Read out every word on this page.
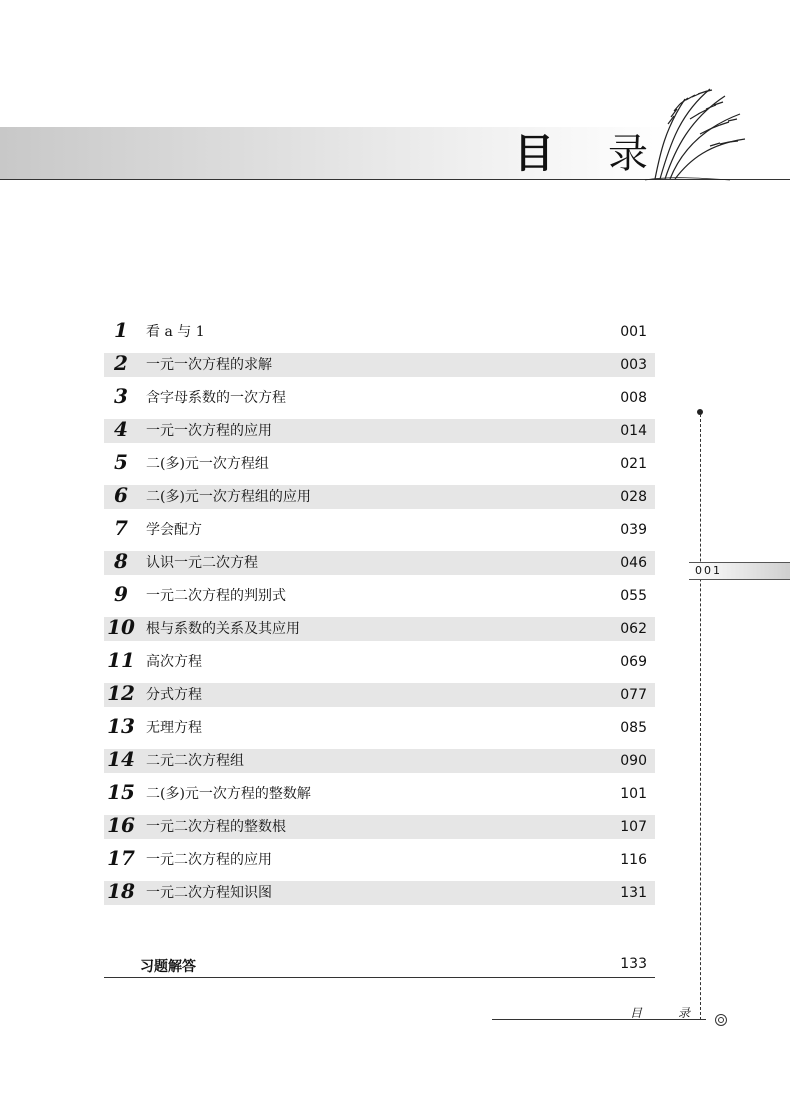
目 录
1	看 a 与 1	001
2	一元一次方程的求解	003
3	含字母系数的一次方程	008
4	一元一次方程的应用	014
5	二(多)元一次方程组	021
6	二(多)元一次方程组的应用	028
7	学会配方	039
8	认识一元二次方程	046
9	一元二次方程的判别式	055
10 根与系数的关系及其应用	062
11 高次方程	069
12 分式方程	077
13 无理方程	085
14 二元二次方程组	090
15 二(多)元一次方程的整数解	101
16 一元二次方程的整数根	107
17 一元二次方程的应用	116
18 一元二次方程知识图	131
习题解答	133
001
目	录
